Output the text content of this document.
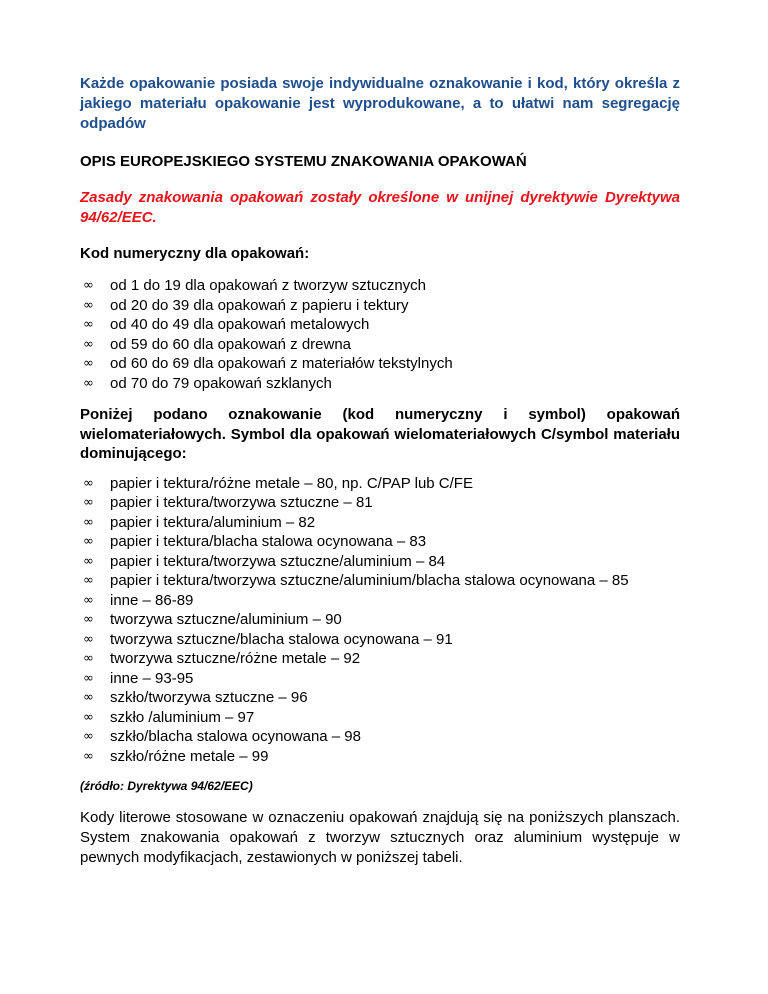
Każde opakowanie posiada swoje indywidualne oznakowanie i kod, który określa z jakiego materiału opakowanie jest wyprodukowane, a to ułatwi nam segregację odpadów

OPIS EUROPEJSKIEGO SYSTEMU ZNAKOWANIA OPAKOWAŃ

Zasady znakowania opakowań zostały określone w unijnej dyrektywie Dyrektywa 94/62/EEC.

Kod numeryczny dla opakowań:

∞ od 1 do 19 dla opakowań z tworzyw sztucznych
∞ od 20 do 39 dla opakowań z papieru i tektury
∞ od 40 do 49 dla opakowań metalowych
∞ od 59 do 60 dla opakowań z drewna
∞ od 60 do 69 dla opakowań z materiałów tekstylnych
∞ od 70 do 79 opakowań szklanych

Poniżej podano oznakowanie (kod numeryczny i symbol) opakowań wielomateriałowych. Symbol dla opakowań wielomateriałowych C/symbol materiału dominującego:

∞ papier i tektura/różne metale – 80, np. C/PAP lub C/FE
∞ papier i tektura/tworzywa sztuczne – 81
∞ papier i tektura/aluminium – 82
∞ papier i tektura/blacha stalowa ocynowana – 83
∞ papier i tektura/tworzywa sztuczne/aluminium – 84
∞ papier i tektura/tworzywa sztuczne/aluminium/blacha stalowa ocynowana – 85
∞ inne – 86-89
∞ tworzywa sztuczne/aluminium – 90
∞ tworzywa sztuczne/blacha stalowa ocynowana – 91
∞ tworzywa sztuczne/różne metale – 92
∞ inne – 93-95
∞ szkło/tworzywa sztuczne – 96
∞ szkło /aluminium – 97
∞ szkło/blacha stalowa ocynowana – 98
∞ szkło/różne metale – 99

(źródło: Dyrektywa 94/62/EEC)

Kody literowe stosowane w oznaczeniu opakowań znajdują się na poniższych planszach. System znakowania opakowań z tworzyw sztucznych oraz aluminium występuje w pewnych modyfikacjach, zestawionych w poniższej tabeli.
